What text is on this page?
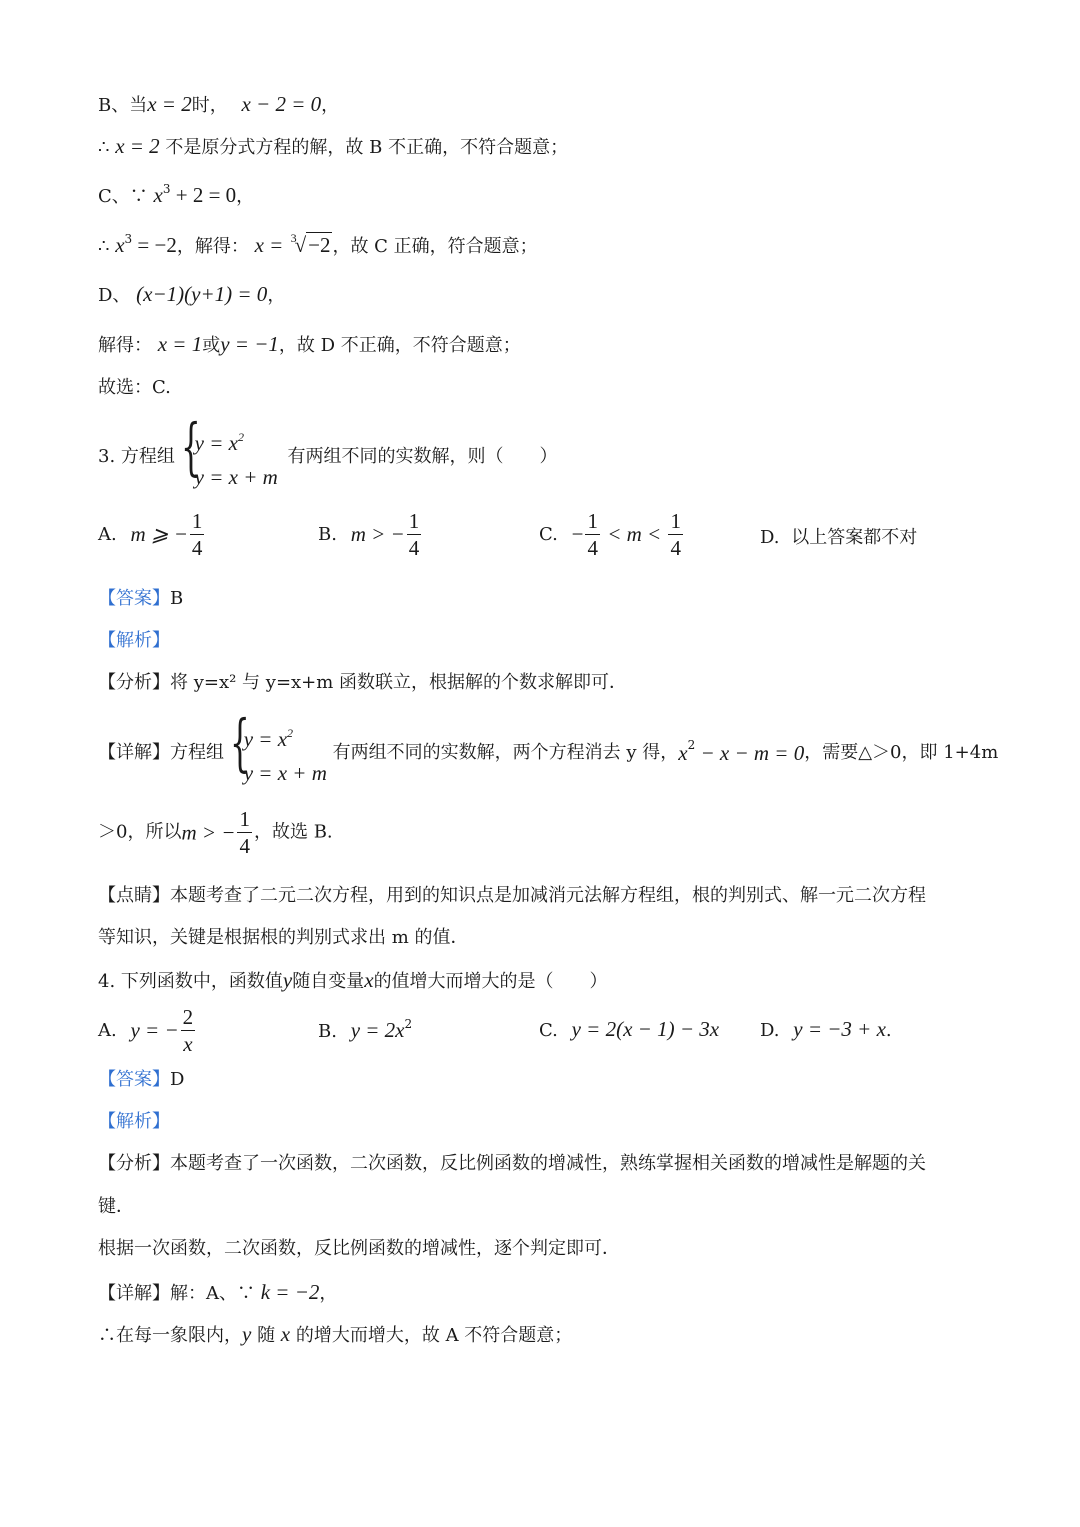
B、当x = 2时， x − 2 = 0，
∴ x = 2 不是原分式方程的解，故 B 不正确，不符合题意；
C、∵ $x^3 + 2 = 0$，
∴ $x^3 = -2$，解得： x = $^3$√−2 ，故 C 正确，符合题意；
D、 (x−1)(y+1) = 0，
解得： x = 1或y = −1，故 D 不正确，不符合题意；
故选：C.
3. 方程组 {
$y = x^2$
y = x + m
有两组不同的实数解，则（　　）
A. m ⩾ − $\frac{1}{4}$	B. m > − $\frac{1}{4}$	C. − $\frac{1}{4} < m < \frac{1}{4}$	D. 以上答案都不对
【答案】B
【解析】
【分析】将 y=x² 与 y=x+m 函数联立，根据解的个数求解即可．
【详解】方程组 {
$y = x^2$
y = x + m
有两组不同的实数解，两个方程消去 y 得，$x^2 - x - m = 0$，需要△＞0，即 1+4m
＞0，所以m > − $\frac{1}{4}$ ，故选 B.
【点睛】本题考查了二元二次方程，用到的知识点是加减消元法解方程组，根的判别式、解一元二次方程
等知识，关键是根据根的判别式求出 m 的值．
4. 下列函数中，函数值y随自变量x的值增大而增大的是（　　）
A. y = − $\frac{2}{x}$	B. $y = 2x^2$	C. y = 2(x − 1) − 3x D. y = −3 + x.
【答案】D
【解析】
【分析】本题考查了一次函数，二次函数，反比例函数的增减性，熟练掌握相关函数的增减性是解题的关
键．
根据一次函数，二次函数，反比例函数的增减性，逐个判定即可．
【详解】解：A、∵ k = −2，
∴在每一象限内，y 随 x 的增大而增大，故 A 不符合题意；
